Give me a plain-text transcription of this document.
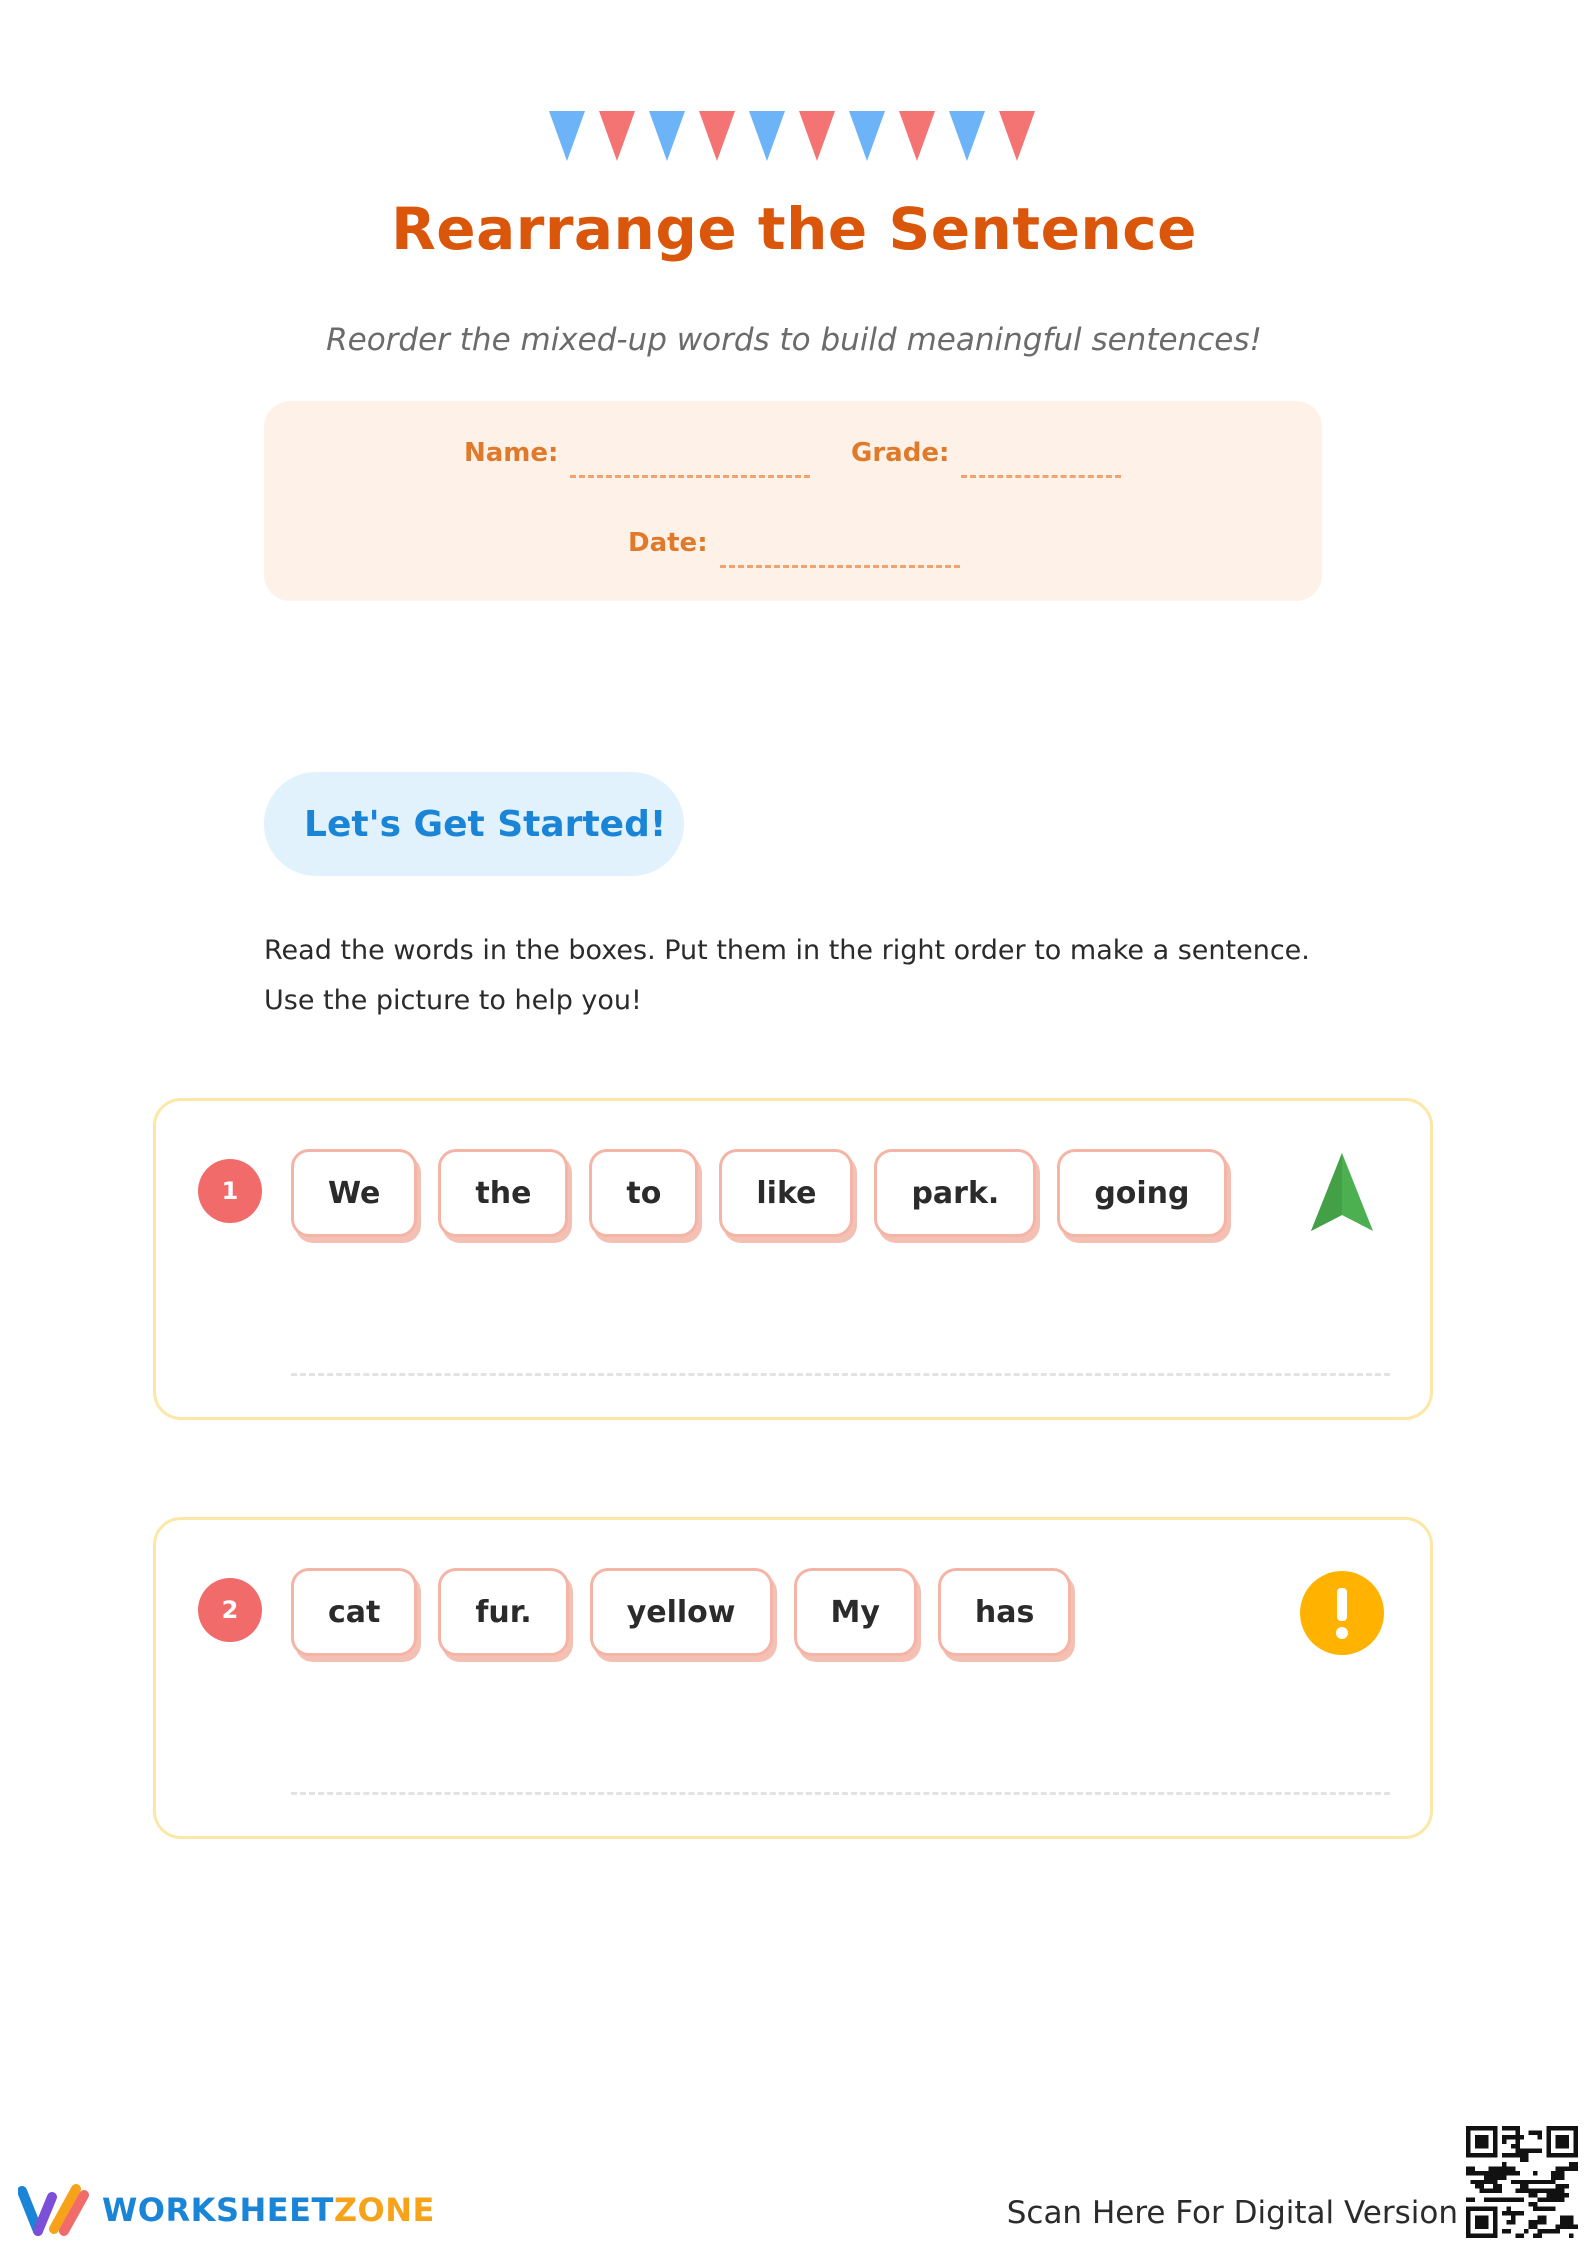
Rearrange the Sentence
Reorder the mixed-up words to build meaningful sentences!
Name:	Grade:
Date:
Let's Get Started!
Read the words in the boxes. Put them in the right order to make a sentence.
Use the picture to help you!
1	We	the	to	like	park.	going
2	cat	fur.	yellow	My	has
WORKSHEETZONE	Scan Here For Digital Version
